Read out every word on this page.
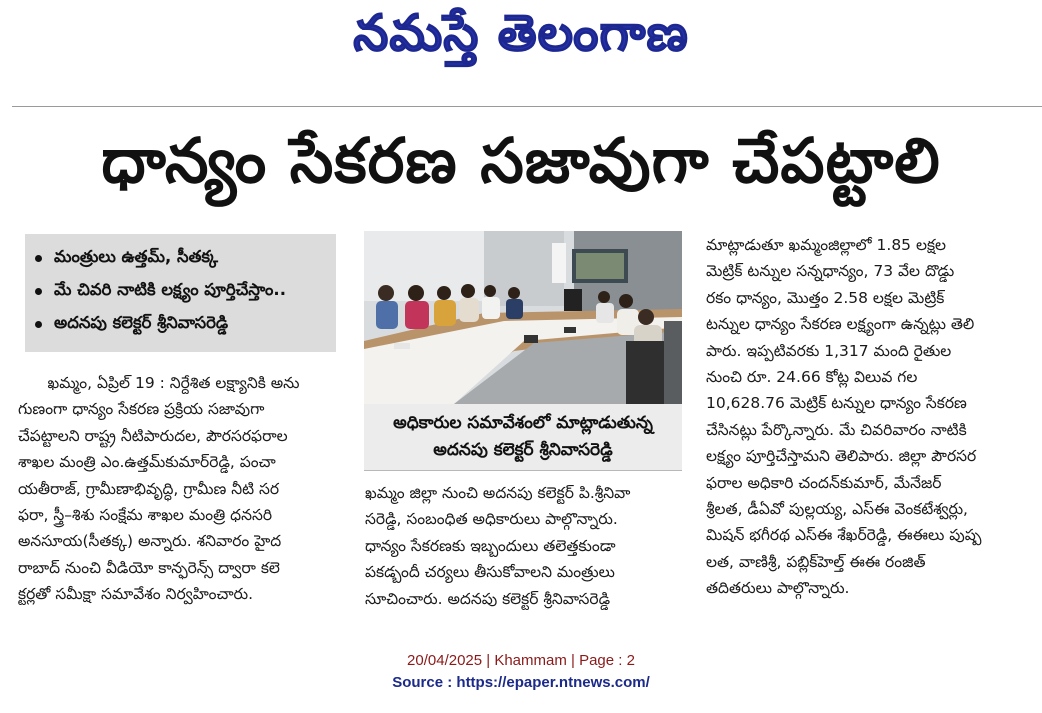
నమస్తే తెలంగాణ
ధాన్యం సేకరణ సజావుగా చేపట్టాలి
మంత్రులు ఉత్తమ్, సీతక్క
మే చివరి నాటికి లక్ష్యం పూర్తిచేస్తాం..
అదనపు కలెక్టర్ శ్రీనివాసరెడ్డి
ఖమ్మం, ఏప్రిల్ 19 : నిర్దేశిత లక్ష్యానికి అను
గుణంగా ధాన్యం సేకరణ ప్రక్రియ సజావుగా
చేపట్టాలని రాష్ట్ర నీటిపారుదల, పౌరసరఫరాల
శాఖల మంత్రి ఎం.ఉత్తమ్‌కుమార్‌రెడ్డి, పంచా
యతీరాజ్, గ్రామీణాభివృద్ధి, గ్రామీణ నీటి సర
ఫరా, స్త్రీ–శిశు సంక్షేమ శాఖల మంత్రి ధనసరి
అనసూయ(సీతక్క) అన్నారు. శనివారం హైద
రాబాద్ నుంచి వీడియో కాన్ఫరెన్స్ ద్వారా కలె
క్టర్లతో సమీక్షా సమావేశం నిర్వహించారు.
అధికారుల సమావేశంలో మాట్లాడుతున్న
అదనపు కలెక్టర్ శ్రీనివాసరెడ్డి
ఖమ్మం జిల్లా నుంచి అదనపు కలెక్టర్ పి.శ్రీనివా
సరెడ్డి, సంబంధిత అధికారులు పాల్గొన్నారు.
ధాన్యం సేకరణకు ఇబ్బందులు తలెత్తకుండా
పకడ్బందీ చర్యలు తీసుకోవాలని మంత్రులు
సూచించారు. అదనపు కలెక్టర్ శ్రీనివాసరెడ్డి
మాట్లాడుతూ ఖమ్మంజిల్లాలో 1.85 లక్షల
మెట్రిక్ టన్నుల సన్నధాన్యం, 73 వేల దొడ్డు
రకం ధాన్యం, మొత్తం 2.58 లక్షల మెట్రిక్
టన్నుల ధాన్యం సేకరణ లక్ష్యంగా ఉన్నట్లు తెలి
పారు. ఇప్పటివరకు 1,317 మంది రైతుల
నుంచి రూ. 24.66 కోట్ల విలువ గల
10,628.76 మెట్రిక్ టన్నుల ధాన్యం సేకరణ
చేసినట్లు పేర్కొన్నారు. మే చివరివారం నాటికి
లక్ష్యం పూర్తిచేస్తామని తెలిపారు. జిల్లా పౌరసర
ఫరాల అధికారి చందన్‌కుమార్, మేనేజర్
శ్రీలత, డీఏవో పుల్లయ్య, ఎస్ఈ వెంకటేశ్వర్లు,
మిషన్ భగీరథ ఎస్ఈ శేఖర్‌రెడ్డి, ఈఈలు పుష్ప
లత, వాణిశ్రీ, పబ్లిక్‌హెల్త్ ఈఈ రంజిత్
తదితరులు పాల్గొన్నారు.
20/04/2025 | Khammam | Page : 2
Source : https://epaper.ntnews.com/
